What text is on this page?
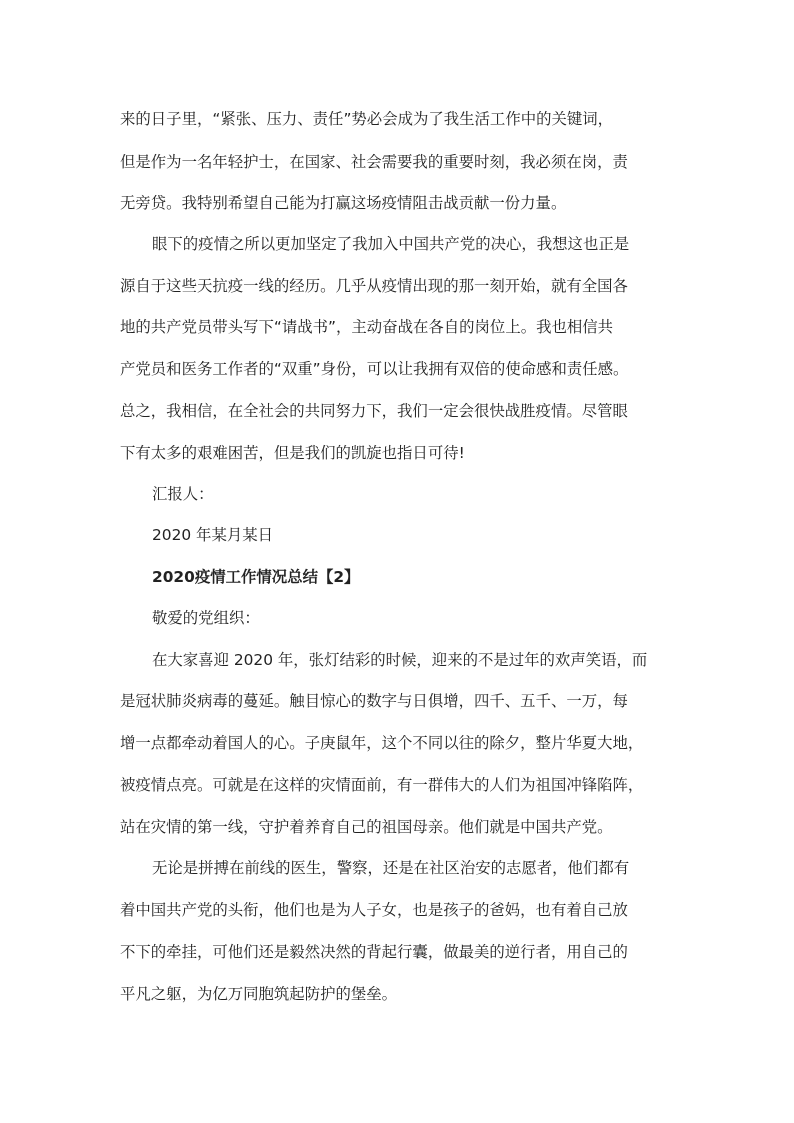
来的日子里，“紧张、压力、责任”势必会成为了我生活工作中的关键词，
但是作为一名年轻护士，在国家、社会需要我的重要时刻，我必须在岗，责
无旁贷。我特别希望自己能为打赢这场疫情阻击战贡献一份力量。
眼下的疫情之所以更加坚定了我加入中国共产党的决心，我想这也正是
源自于这些天抗疫一线的经历。几乎从疫情出现的那一刻开始，就有全国各
地的共产党员带头写下“请战书”，主动奋战在各自的岗位上。我也相信共
产党员和医务工作者的“双重”身份，可以让我拥有双倍的使命感和责任感。
总之，我相信，在全社会的共同努力下，我们一定会很快战胜疫情。尽管眼
下有太多的艰难困苦，但是我们的凯旋也指日可待!
汇报人：
2020 年某月某日
2020疫情工作情况总结【2】
敬爱的党组织：
在大家喜迎 2020 年，张灯结彩的时候，迎来的不是过年的欢声笑语，而
是冠状肺炎病毒的蔓延。触目惊心的数字与日俱增，四千、五千、一万，每
增一点都牵动着国人的心。子庚鼠年，这个不同以往的除夕，整片华夏大地，
被疫情点亮。可就是在这样的灾情面前，有一群伟大的人们为祖国冲锋陷阵，
站在灾情的第一线，守护着养育自己的祖国母亲。他们就是中国共产党。
无论是拼搏在前线的医生，警察，还是在社区治安的志愿者，他们都有
着中国共产党的头衔，他们也是为人子女，也是孩子的爸妈，也有着自己放
不下的牵挂，可他们还是毅然决然的背起行囊，做最美的逆行者，用自己的
平凡之躯，为亿万同胞筑起防护的堡垒。
